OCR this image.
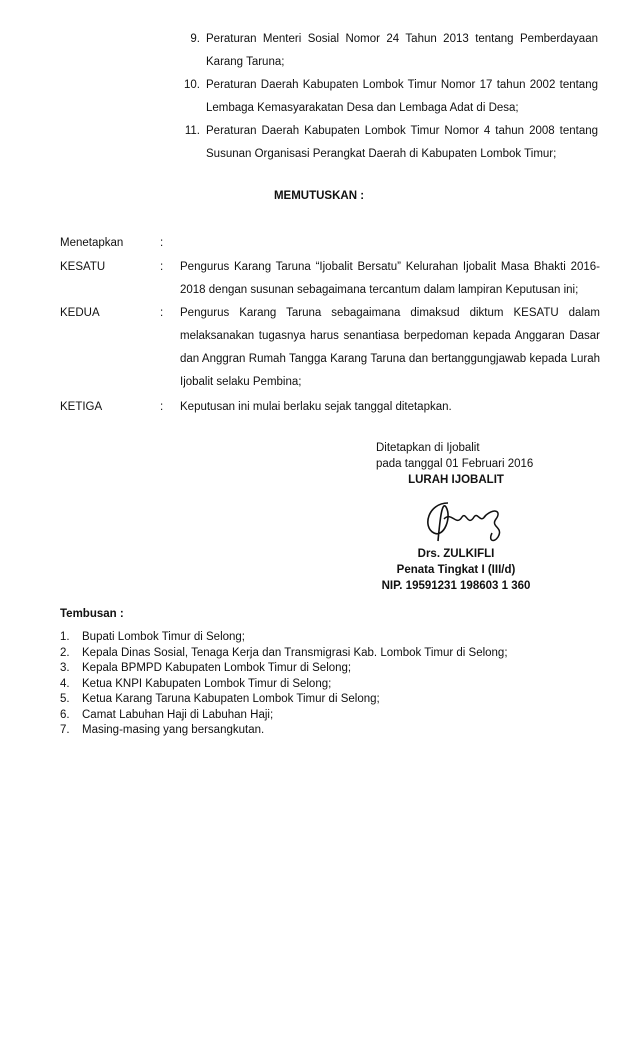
9. Peraturan Menteri Sosial Nomor 24 Tahun 2013 tentang Pemberdayaan
Karang Taruna;
10. Peraturan Daerah Kabupaten Lombok Timur Nomor 17 tahun 2002 tentang
Lembaga Kemasyarakatan Desa dan Lembaga Adat di Desa;
11. Peraturan Daerah Kabupaten Lombok Timur Nomor 4 tahun 2008 tentang
Susunan Organisasi Perangkat Daerah di Kabupaten Lombok Timur;
MEMUTUSKAN :
Menetapkan	:
KESATU	:	Pengurus Karang Taruna “Ijobalit Bersatu” Kelurahan Ijobalit Masa Bhakti 2016-
2018 dengan susunan sebagaimana tercantum dalam lampiran Keputusan ini;
KEDUA	:	Pengurus Karang Taruna sebagaimana dimaksud diktum KESATU dalam
melaksanakan tugasnya harus senantiasa berpedoman kepada Anggaran Dasar
dan Anggran Rumah Tangga Karang Taruna dan bertanggungjawab kepada Lurah
Ijobalit selaku Pembina;
KETIGA	:	Keputusan ini mulai berlaku sejak tanggal ditetapkan.
Ditetapkan di Ijobalit
pada tanggal 01 Februari 2016
LURAH IJOBALIT
Drs. ZULKIFLI
Penata Tingkat I (III/d)
NIP. 19591231 198603 1 360
Tembusan :
1.	Bupati Lombok Timur di Selong;
2.	Kepala Dinas Sosial, Tenaga Kerja dan Transmigrasi Kab. Lombok Timur di Selong;
3.	Kepala BPMPD Kabupaten Lombok Timur di Selong;
4.	Ketua KNPI Kabupaten Lombok Timur di Selong;
5.	Ketua Karang Taruna Kabupaten Lombok Timur di Selong;
6.	Camat Labuhan Haji di Labuhan Haji;
7.	Masing-masing yang bersangkutan.
